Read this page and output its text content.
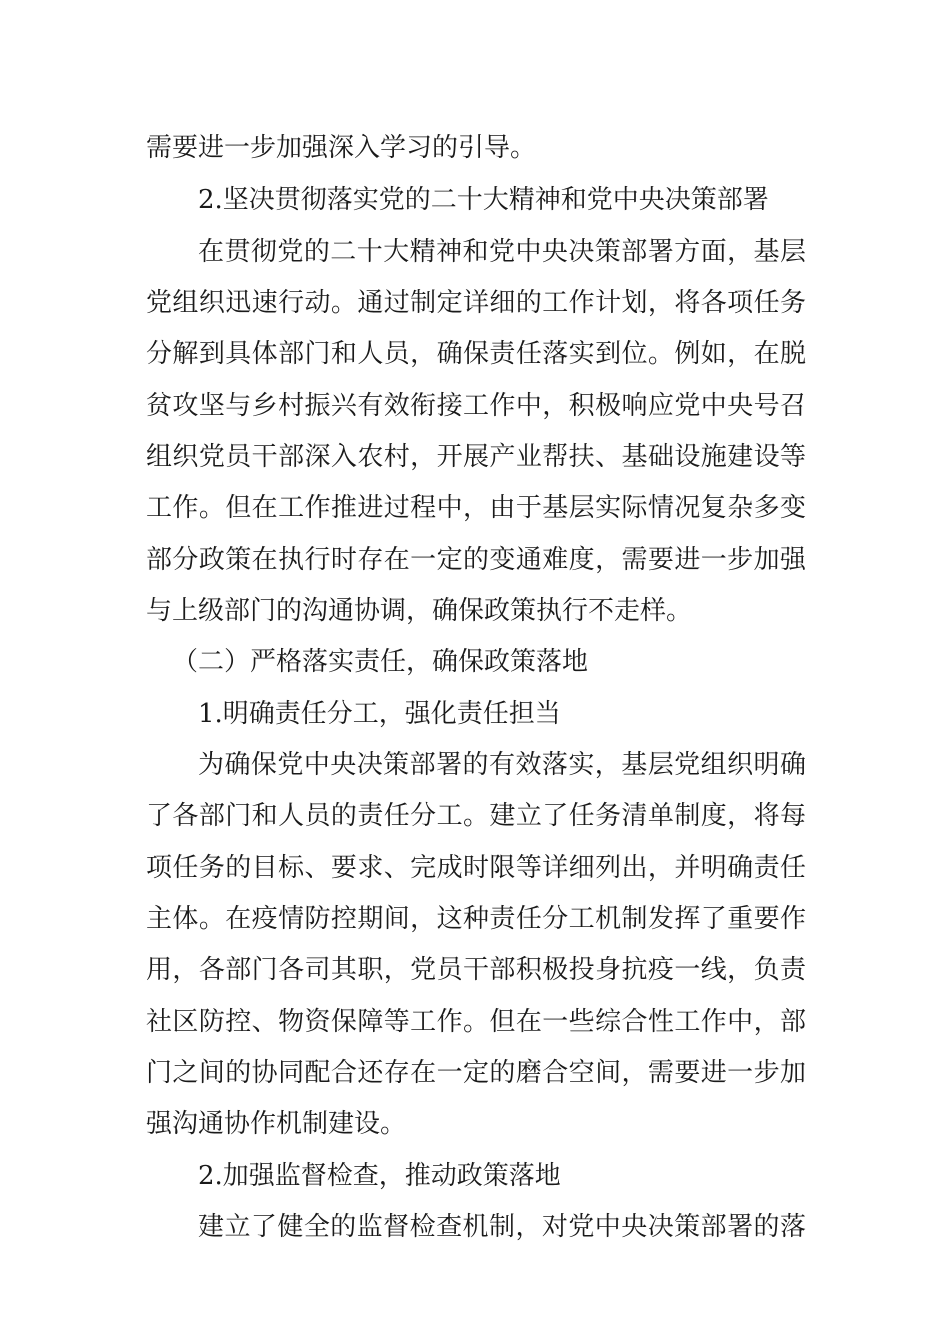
需要进一步加强深入学习的引导。
2.坚决贯彻落实党的二十大精神和党中央决策部署
在贯彻党的二十大精神和党中央决策部署方面，基层
党组织迅速行动。通过制定详细的工作计划，将各项任务
分解到具体部门和人员，确保责任落实到位。例如，在脱
贫攻坚与乡村振兴有效衔接工作中，积极响应党中央号召
组织党员干部深入农村，开展产业帮扶、基础设施建设等
工作。但在工作推进过程中，由于基层实际情况复杂多变
部分政策在执行时存在一定的变通难度，需要进一步加强
与上级部门的沟通协调，确保政策执行不走样。
（二）严格落实责任，确保政策落地
1.明确责任分工，强化责任担当
为确保党中央决策部署的有效落实，基层党组织明确
了各部门和人员的责任分工。建立了任务清单制度，将每
项任务的目标、要求、完成时限等详细列出，并明确责任
主体。在疫情防控期间，这种责任分工机制发挥了重要作
用，各部门各司其职，党员干部积极投身抗疫一线，负责
社区防控、物资保障等工作。但在一些综合性工作中，部
门之间的协同配合还存在一定的磨合空间，需要进一步加
强沟通协作机制建设。
2.加强监督检查，推动政策落地
建立了健全的监督检查机制，对党中央决策部署的落
